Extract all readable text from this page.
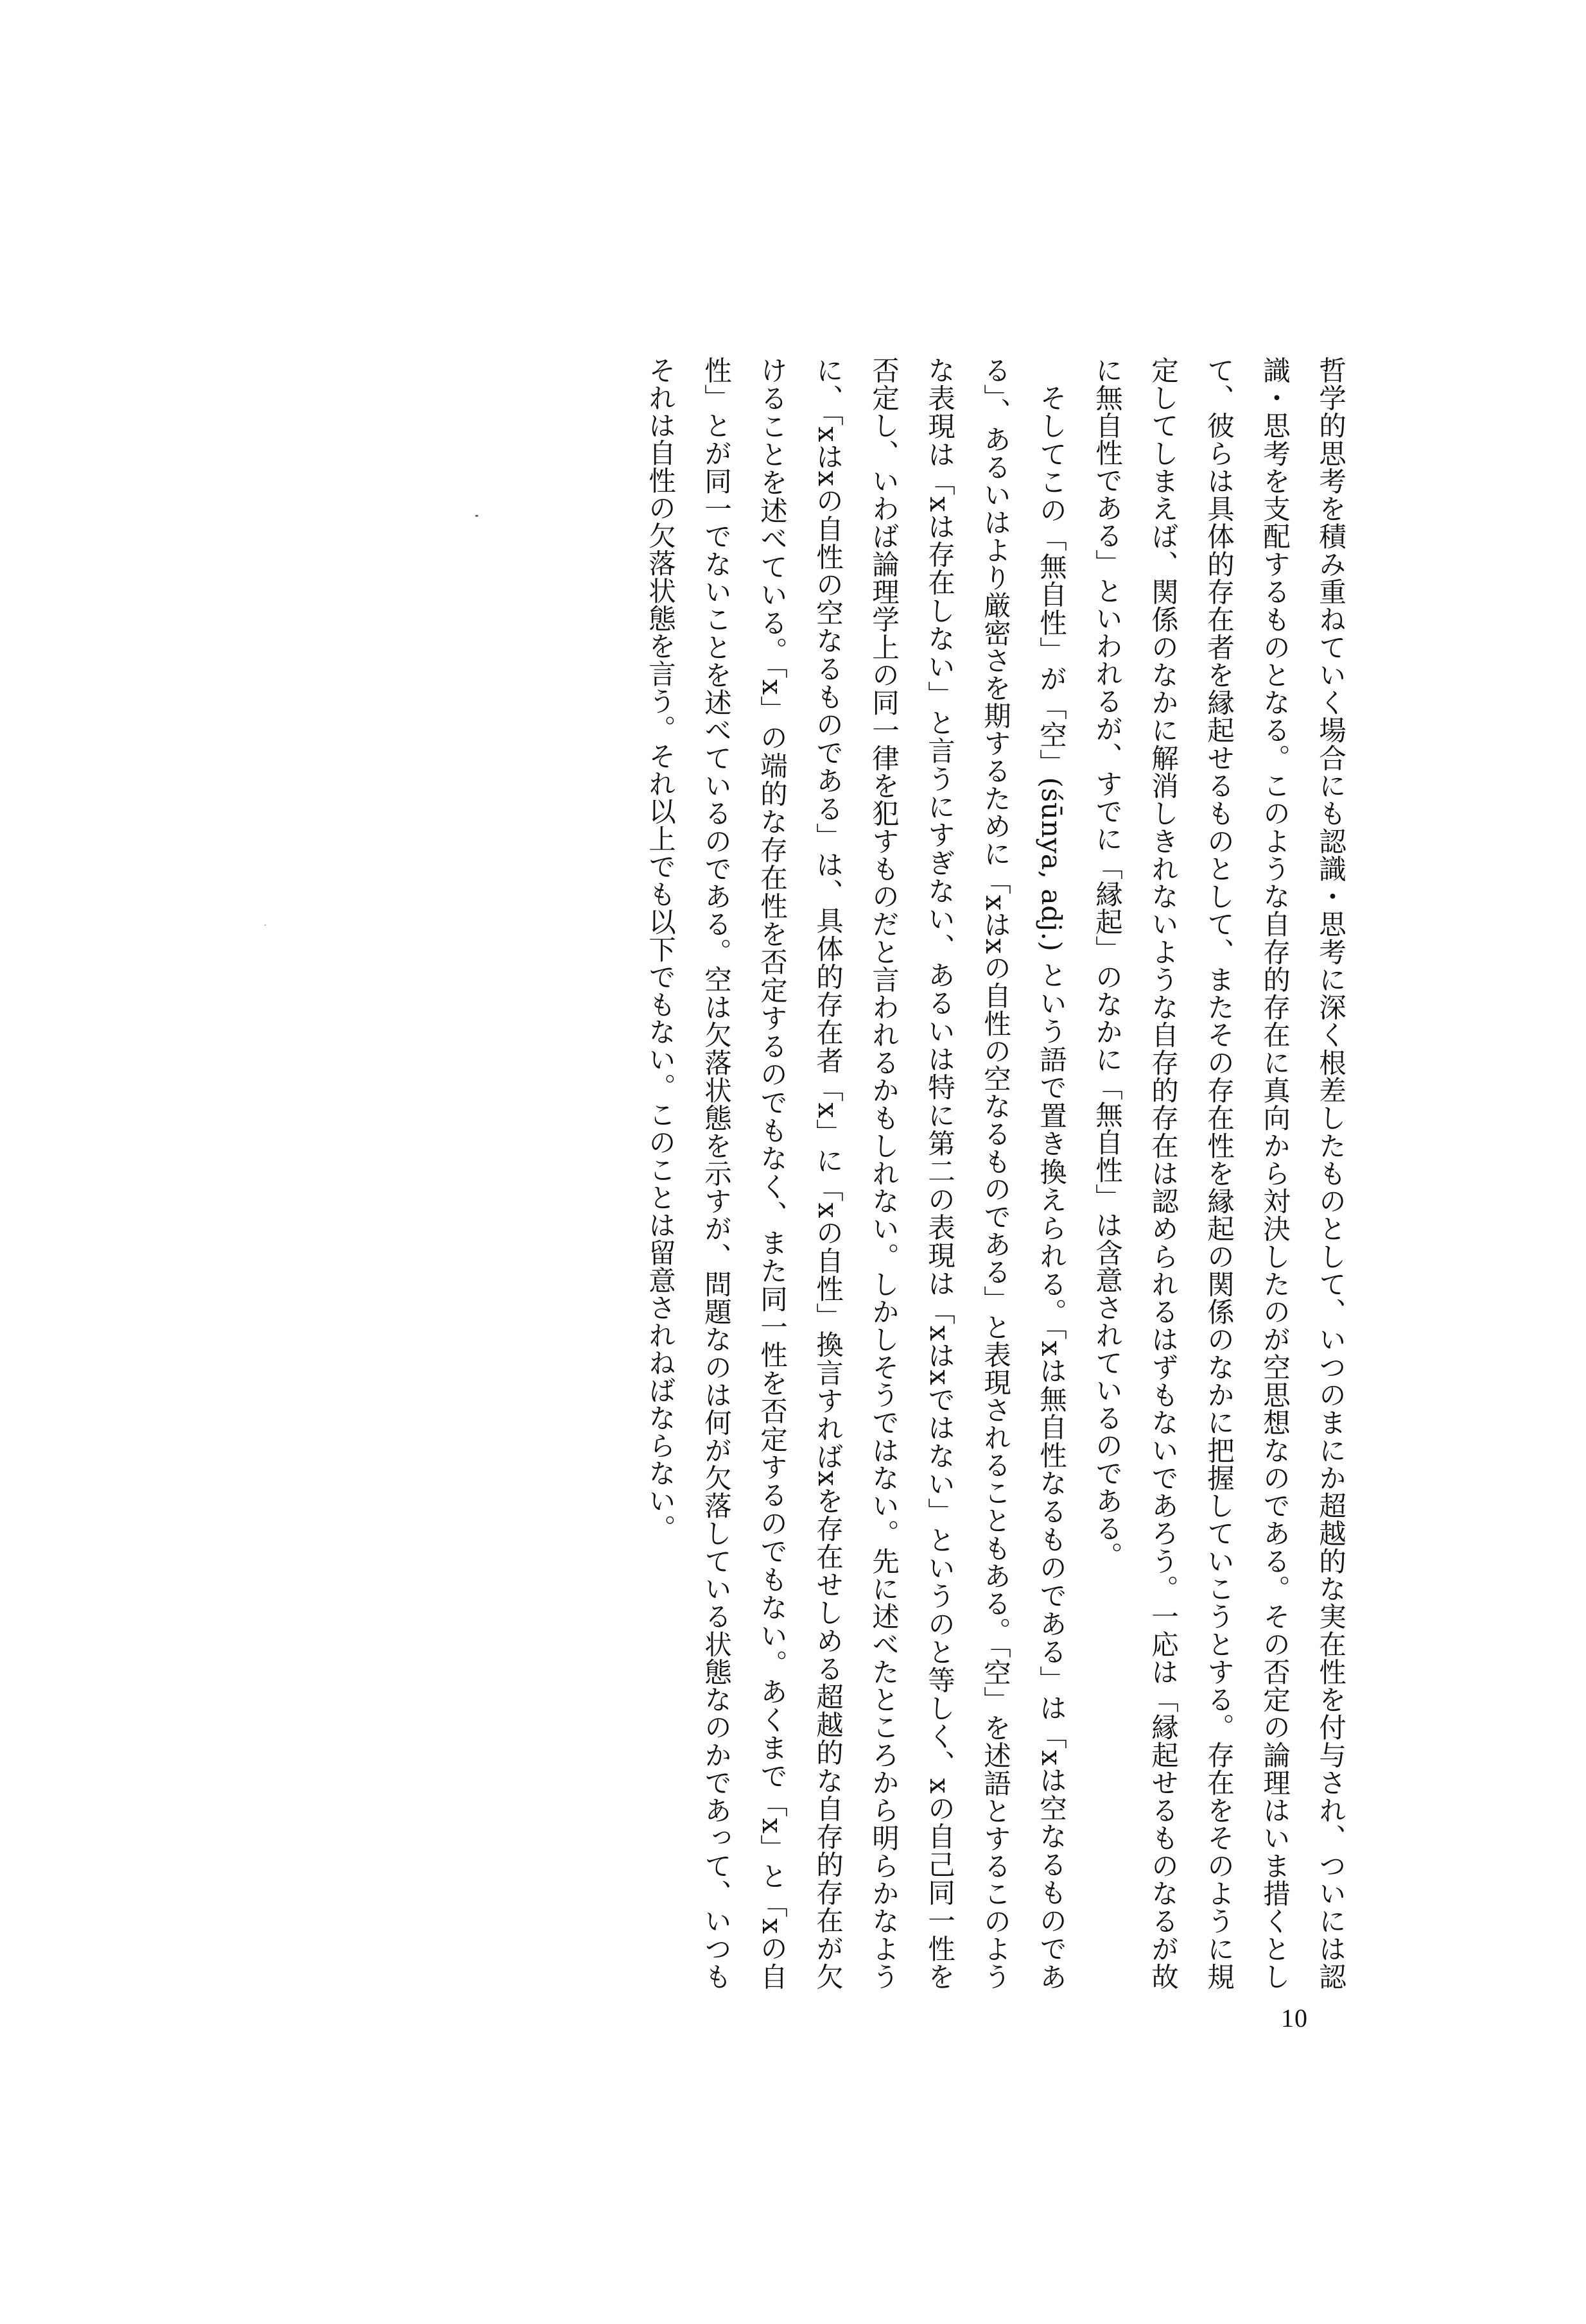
哲学的思考を積み重ねていく場合にも認識・思考に深く根差したものとして、いつのまにか超越的な実在性を付与され、ついには認識・思考を支配するものとなる。このような自存的存在に真向から対決したのが空思想なのである。その否定の論理はいま措くとして、彼らは具体的存在者を縁起せるものとして、またその存在性を縁起の関係のなかに把握していこうとする。存在をそのように規定してしまえば、関係のなかに解消しきれないような自存的存在は認められるはずもないであろう。一応は「縁起せるものなるが故に無自性である」といわれるが、すでに「縁起」のなかに「無自性」は含意されているのである。

そしてこの「無自性」が「空」(śūnya, adj.) という語で置き換えられる。「xは無自性なるものである」は「xは空なるものである」、あるいはより厳密さを期するために「xはxの自性の空なるものである」と表現されることもある。「空」を述語とするこのような表現は「xは存在しない」と言うにすぎない、あるいは特に第二の表現は「xはxではない」というのと等しく、xの自己同一性を否定し、いわば論理学上の同一律を犯すものだと言われるかもしれない。しかしそうではない。先に述べたところから明らかなように、「xはxの自性の空なるものである」は、具体的存在者「x」に「xの自性」換言すればxを存在せしめる超越的な自存的存在が欠けることを述べている。「x」の端的な存在性を否定するのでもなく、また同一性を否定するのでもない。あくまで「x」と「xの自性」とが同一でないことを述べているのである。空は欠落状態を示すが、問題なのは何が欠落している状態なのかであって、いつもそれは自性の欠落状態を言う。それ以上でも以下でもない。このことは留意されねばならない。

10
